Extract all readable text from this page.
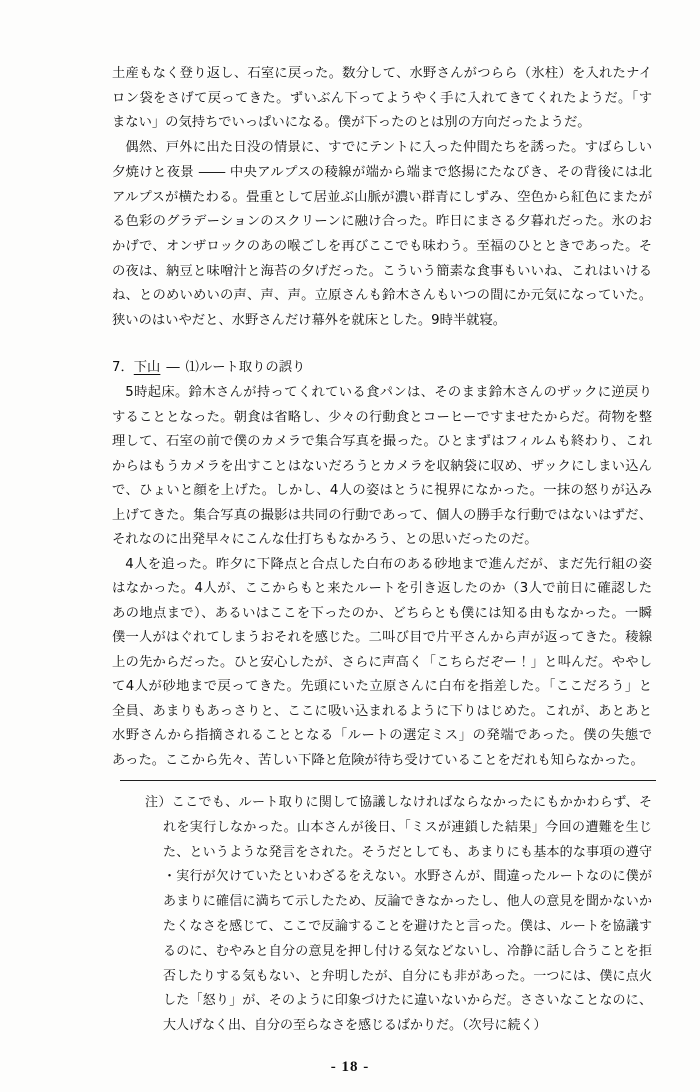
土産もなく登り返し、石室に戻った。数分して、水野さんがつらら（氷柱）を入れたナイ
ロン袋をさげて戻ってきた。ずいぶん下ってようやく手に入れてきてくれたようだ。「す
まない」の気持ちでいっぱいになる。僕が下ったのとは別の方向だったようだ。
偶然、戸外に出た日没の情景に、すでにテントに入った仲間たちを誘った。すばらしい
夕焼けと夜景 ―― 中央アルプスの稜線が端から端まで悠揚にたなびき、その背後には北
アルプスが横たわる。畳重として居並ぶ山脈が濃い群青にしずみ、空色から紅色にまたが
る色彩のグラデーションのスクリーンに融け合った。昨日にまさる夕暮れだった。氷のお
かげで、オンザロックのあの喉ごしを再びここでも味わう。至福のひとときであった。そ
の夜は、納豆と味噌汁と海苔の夕げだった。こういう簡素な食事もいいね、これはいける
ね、とのめいめいの声、声、声。立原さんも鈴木さんもいつの間にか元気になっていた。
狭いのはいやだと、水野さんだけ幕外を就床とした。9時半就寝。
7．下山 ― ⑴ルート取りの誤り
5時起床。鈴木さんが持ってくれている食パンは、そのまま鈴木さんのザックに逆戻り
することとなった。朝食は省略し、少々の行動食とコーヒーですませたからだ。荷物を整
理して、石室の前で僕のカメラで集合写真を撮った。ひとまずはフィルムも終わり、これ
からはもうカメラを出すことはないだろうとカメラを収納袋に収め、ザックにしまい込ん
で、ひょいと顔を上げた。しかし、4人の姿はとうに視界になかった。一抹の怒りが込み
上げてきた。集合写真の撮影は共同の行動であって、個人の勝手な行動ではないはずだ、
それなのに出発早々にこんな仕打ちもなかろう、との思いだったのだ。
4人を追った。昨夕に下降点と合点した白布のある砂地まで進んだが、まだ先行組の姿
はなかった。4人が、ここからもと来たルートを引き返したのか（3人で前日に確認した
あの地点まで）、あるいはここを下ったのか、どちらとも僕には知る由もなかった。一瞬
僕一人がはぐれてしまうおそれを感じた。二叫び目で片平さんから声が返ってきた。稜線
上の先からだった。ひと安心したが、さらに声高く「こちらだぞー！」と叫んだ。ややし
て4人が砂地まで戻ってきた。先頭にいた立原さんに白布を指差した。「ここだろう」と
全員、あまりもあっさりと、ここに吸い込まれるように下りはじめた。これが、あとあと
水野さんから指摘されることとなる「ルートの選定ミス」の発端であった。僕の失態で
あった。ここから先々、苦しい下降と危険が待ち受けていることをだれも知らなかった。
注）ここでも、ルート取りに関して協議しなければならなかったにもかかわらず、そ
れを実行しなかった。山本さんが後日、「ミスが連鎖した結果」今回の遭難を生じ
た、というような発言をされた。そうだとしても、あまりにも基本的な事項の遵守
・実行が欠けていたといわざるをえない。水野さんが、間違ったルートなのに僕が
あまりに確信に満ちて示したため、反論できなかったし、他人の意見を聞かないか
たくなさを感じて、ここで反論することを避けたと言った。僕は、ルートを協議す
るのに、むやみと自分の意見を押し付ける気などないし、冷静に話し合うことを拒
否したりする気もない、と弁明したが、自分にも非があった。一つには、僕に点火
した「怒り」が、そのように印象づけたに違いないからだ。ささいなことなのに、
大人げなく出、自分の至らなさを感じるばかりだ。（次号に続く）
- 18 -
